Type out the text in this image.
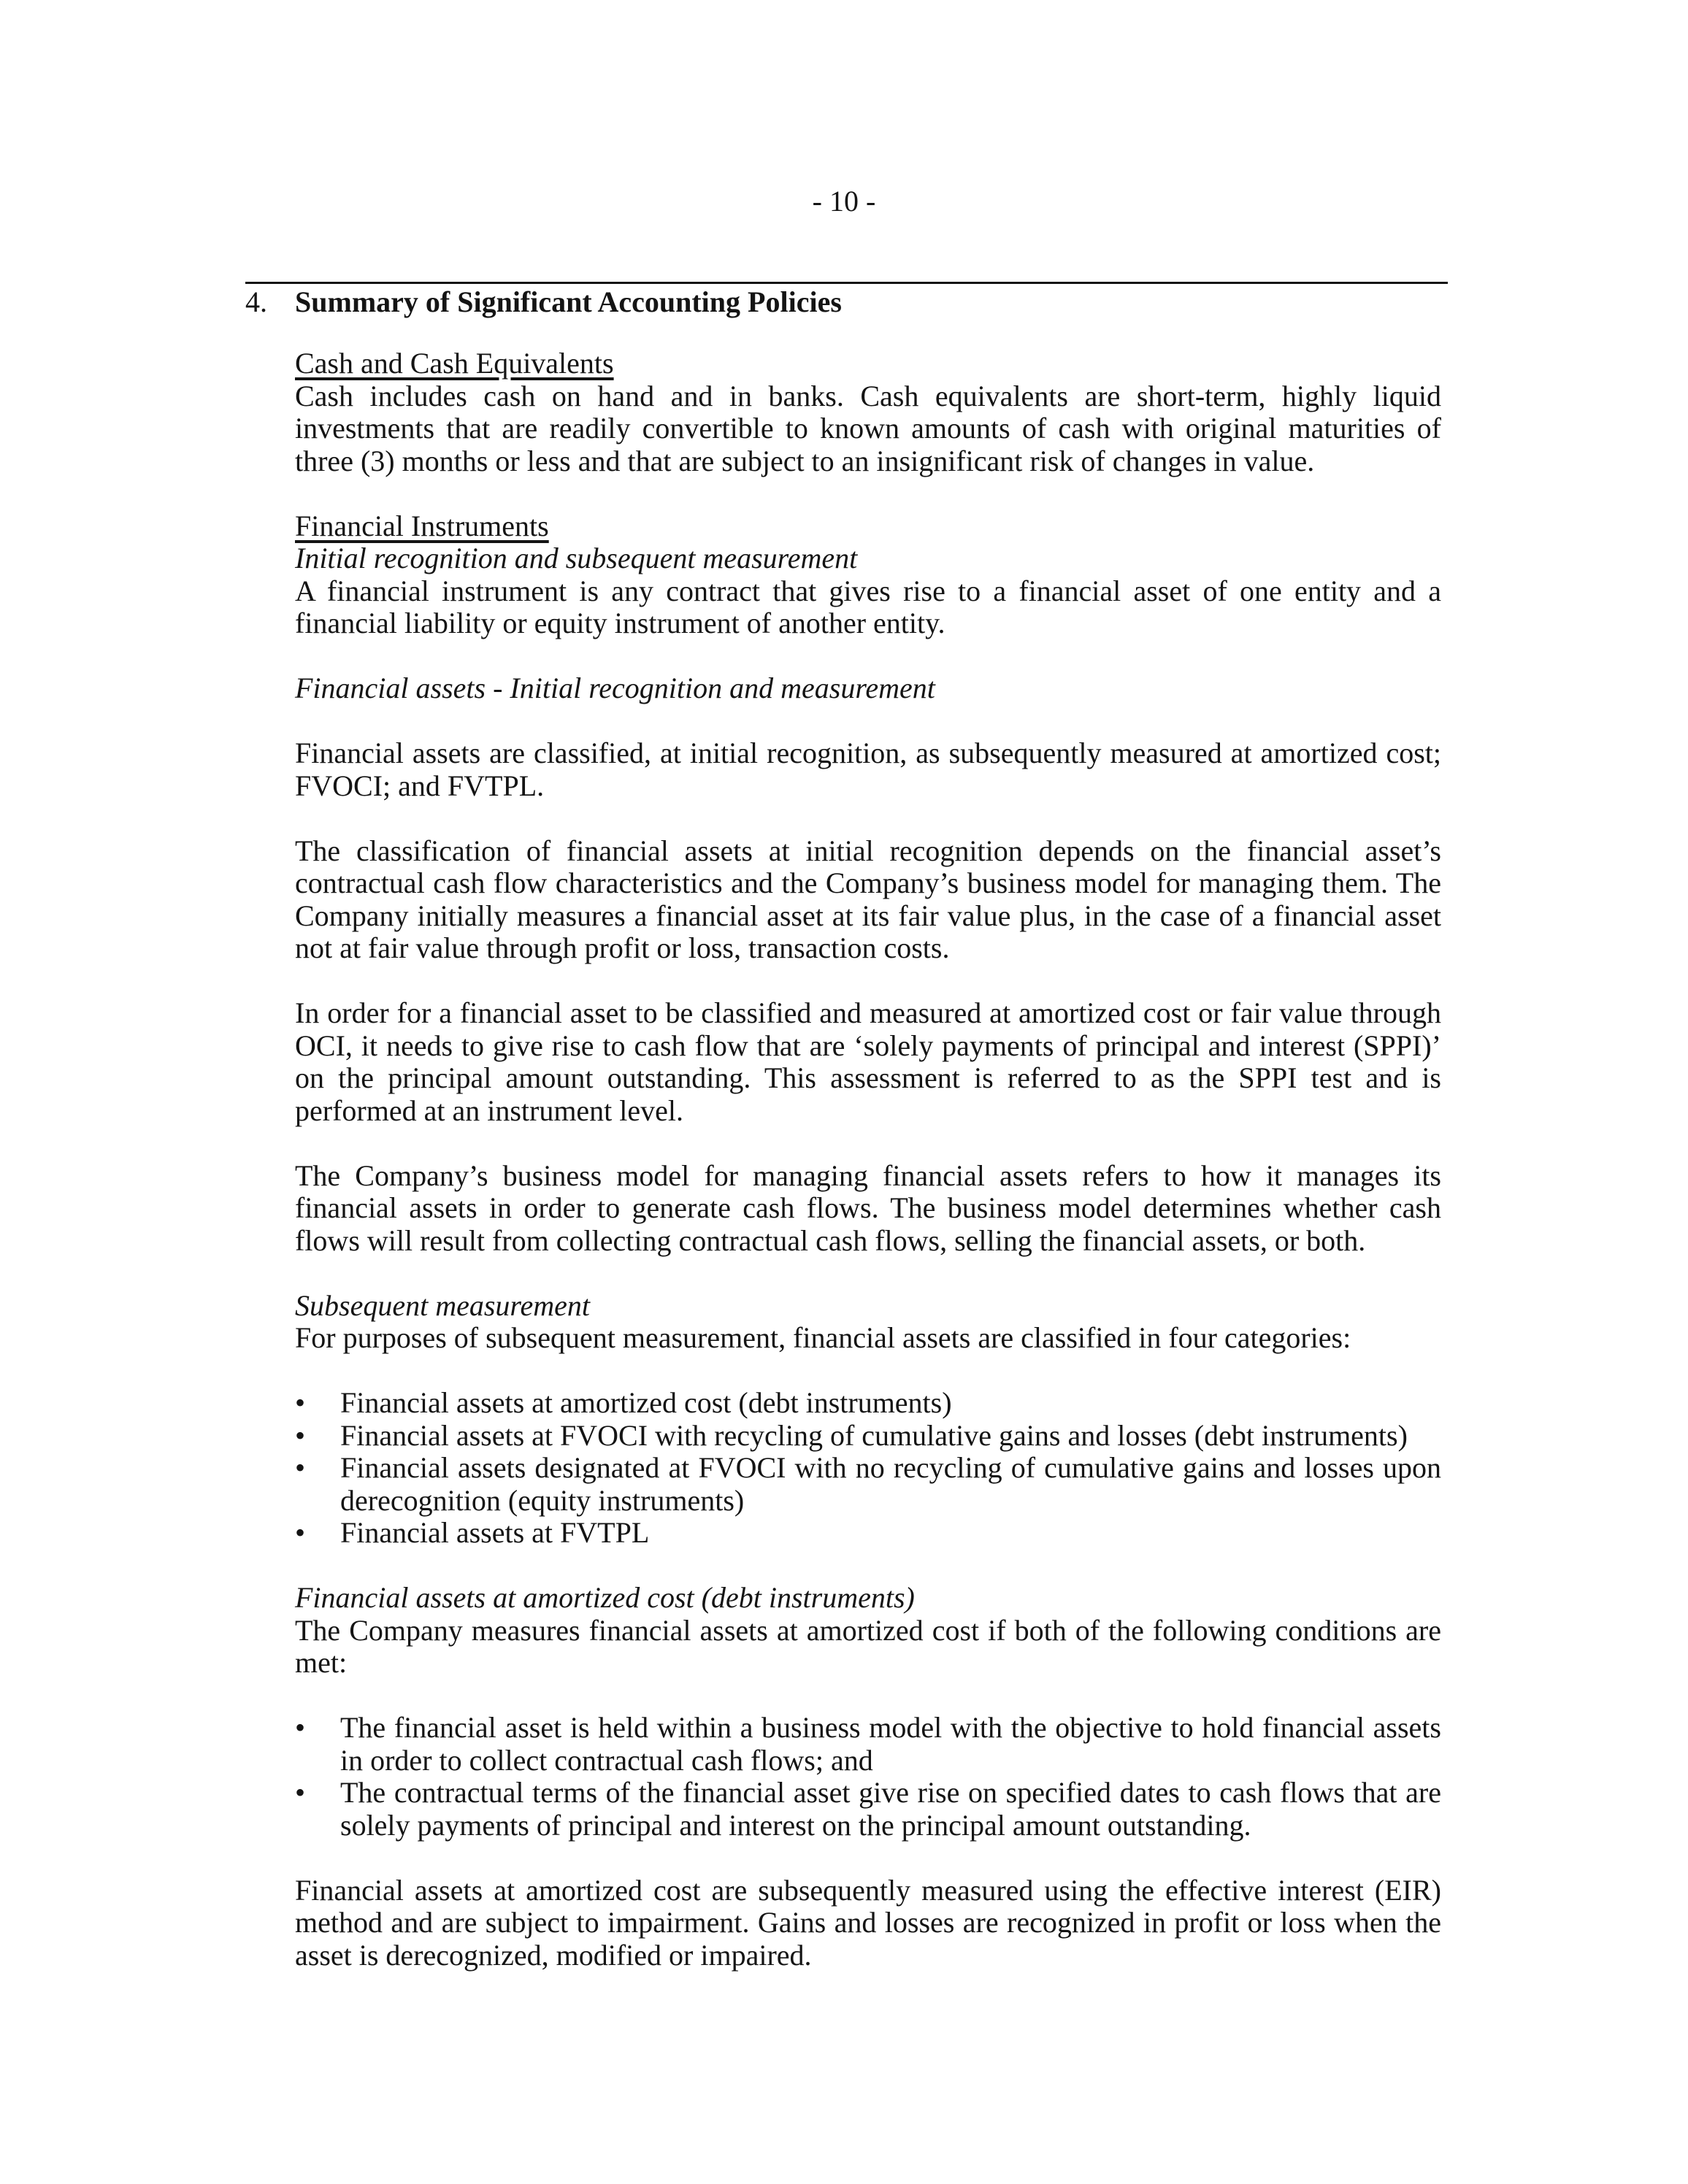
- 10 -
4. Summary of Significant Accounting Policies
Cash and Cash Equivalents

Cash includes cash on hand and in banks. Cash equivalents are short-term, highly liquid investments that are readily convertible to known amounts of cash with original maturities of three (3) months or less and that are subject to an insignificant risk of changes in value.

Financial Instruments
Initial recognition and subsequent measurement

A financial instrument is any contract that gives rise to a financial asset of one entity and a financial liability or equity instrument of another entity.

Financial assets - Initial recognition and measurement

Financial assets are classified, at initial recognition, as subsequently measured at amortized cost; FVOCI; and FVTPL.

The classification of financial assets at initial recognition depends on the financial asset’s contractual cash flow characteristics and the Company’s business model for managing them. The Company initially measures a financial asset at its fair value plus, in the case of a financial asset not at fair value through profit or loss, transaction costs.

In order for a financial asset to be classified and measured at amortized cost or fair value through OCI, it needs to give rise to cash flow that are ‘solely payments of principal and interest (SPPI)’ on the principal amount outstanding. This assessment is referred to as the SPPI test and is performed at an instrument level.

The Company’s business model for managing financial assets refers to how it manages its financial assets in order to generate cash flows. The business model determines whether cash flows will result from collecting contractual cash flows, selling the financial assets, or both.

Subsequent measurement

For purposes of subsequent measurement, financial assets are classified in four categories:

•	Financial assets at amortized cost (debt instruments)
•	Financial assets at FVOCI with recycling of cumulative gains and losses (debt instruments)
•	Financial assets designated at FVOCI with no recycling of cumulative gains and losses upon derecognition (equity instruments)
•	Financial assets at FVTPL
Financial assets at amortized cost (debt instruments)

The Company measures financial assets at amortized cost if both of the following conditions are met:

•	The financial asset is held within a business model with the objective to hold financial assets in order to collect contractual cash flows; and
•	The contractual terms of the financial asset give rise on specified dates to cash flows that are solely payments of principal and interest on the principal amount outstanding.

Financial assets at amortized cost are subsequently measured using the effective interest (EIR) method and are subject to impairment. Gains and losses are recognized in profit or loss when the asset is derecognized, modified or impaired.
